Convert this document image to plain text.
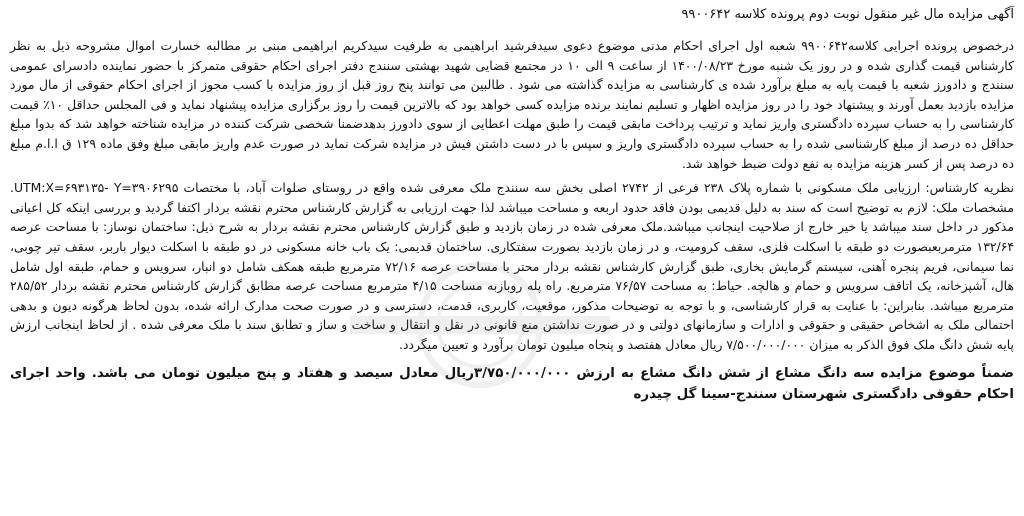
آگهی مزایده مال غیر منقول نوبت دوم پرونده کلاسه ۹۹۰۰۶۴۲

درخصوص پرونده اجرایی کلاسه۹۹۰۰۶۴۲ شعبه اول اجرای احکام مدنی موضوع دعوی سیدفرشید ابراهیمی به طرفیت سیدکریم ابراهیمی مبنی بر مطالبه خسارت اموال مشروحه ذیل به نظر کارشناس قیمت گذاری شده و در روز یک شنبه مورخ ۱۴۰۰/۰۸/۲۳ از ساعت ۹ الی ۱۰ در مجتمع قضایی شهید بهشتی سنندج دفتر اجرای احکام حقوقی متمرکز با حضور نماینده دادسرای عمومی سنندج و دادورز شعبه با قیمت پایه به مبلغ برآورد شده ی کارشناسی به مزایده گذاشته می شود . طالبین می توانند پنج روز قبل از روز مزایده با کسب مجوز از اجرای احکام حقوقی از مال مورد مزایده بازدید بعمل آورند و پیشنهاد خود را در روز مزایده اظهار و تسلیم نمایند برنده مزایده کسی خواهد بود که بالاترین قیمت را روز برگزاری مزایده پیشنهاد نماید و فی المجلس حداقل ۱۰٪ قیمت کارشناسی را به حساب سپرده دادگستری واریز نماید و ترتیب پرداخت مابقی قیمت را طبق مهلت اعطایی از سوی دادورز بدهدضمنا شخصی شرکت کننده در مزایده شناخته خواهد شد که بدوا مبلغ حداقل ده درصد از مبلغ کارشناسی شده را به حساب سپرده دادگستری واریز و سپس با در دست داشتن فیش در مزایده شرکت نماید در صورت عدم واریز مابقی مبلغ وفق ماده ۱۲۹ ق ا.ا.م مبلغ ده درصد پس از کسر هزینه مزایده به نفع دولت ضبط خواهد شد.

نظریه کارشناس: ارزیابی ملک مسکونی با شماره پلاک ۲۳۸ فرعی از ۲۷۴۲ اصلی بخش سه سنندج ملک معرفی شده واقع در روستای صلوات آباد، با مختصات UTM:X=۶۹۳۱۳۵- Y=۳۹۰۶۲۹۵. مشخصات ملک: لازم به توضیح است که سند به دلیل قدیمی بودن فاقد حدود اربعه و مساحت میباشد لذا جهت ارزیابی به گزارش کارشناس محترم نقشه بردار اکتفا گردید و بررسی اینکه کل اعیانی مذکور در داخل سند میباشد یا خیر خارج از صلاحیت اینجانب میباشد.ملک معرفی شده در زمان بازدید و طبق گزارش کارشناس محترم نقشه بردار به شرح ذیل: ساختمان نوساز: با مساحت عرصه ۱۳۲/۶۴ مترمربعبصورت دو طبقه با اسکلت فلزی، سقف کرومیت، و در زمان بازدید بصورت سفتکاری. ساختمان قدیمی: یک باب خانه مسکونی در دو طبقه با اسکلت دیوار باربر، سقف تیر چوبی، نما سیمانی، فریم پنجره آهنی، سیستم گرمایش بخاری، طبق گزارش کارشناس نقشه بردار محتر با مساحت عرصه ۷۲/۱۶ مترمربع طبقه همکف شامل دو انبار، سرویس و حمام، طبقه اول شامل هال، آشپزخانه، یک اتاقف سرویس و حمام و هالچه. حیاط: به مساحت ۷۶/۵۷ مترمربع. راه پله روبازبه مساحت ۴/۱۵ مترمربع مساحت عرصه مطابق گزارش کارشناس محترم نقشه بردار ۲۸۵/۵۲ مترمربع میباشد. بنابراین: با عنایت به قرار کارشناسی، و با توجه به توضیحات مذکور، موقعیت، کاربری، قدمت، دسترسی و در صورت صحت مدارک ارائه شده، بدون لحاظ هرگونه دیون و بدهی احتمالی ملک به اشخاص حقیقی و حقوقی و ادارات و سازمانهای دولتی و در صورت نداشتن منع قانونی در نقل و انتقال و ساخت و ساز و تطابق سند با ملک معرفی شده . از لحاظ اینجانب ارزش پایه شش دانگ ملک فوق الذکر به میزان ۷/۵۰۰/۰۰۰/۰۰۰ ریال معادل هفتصد و پنجاه میلیون تومان برآورد و تعیین میگردد.

ضمناً موضوع مزایده سه دانگ مشاع از شش دانگ مشاع به ارزش ۳/۷۵۰/۰۰۰/۰۰۰ریال معادل سیصد و هفتاد و پنج میلیون تومان می باشد. واحد اجرای احکام حقوقی دادگستری شهرستان سنندج-سینا گل چیدره
